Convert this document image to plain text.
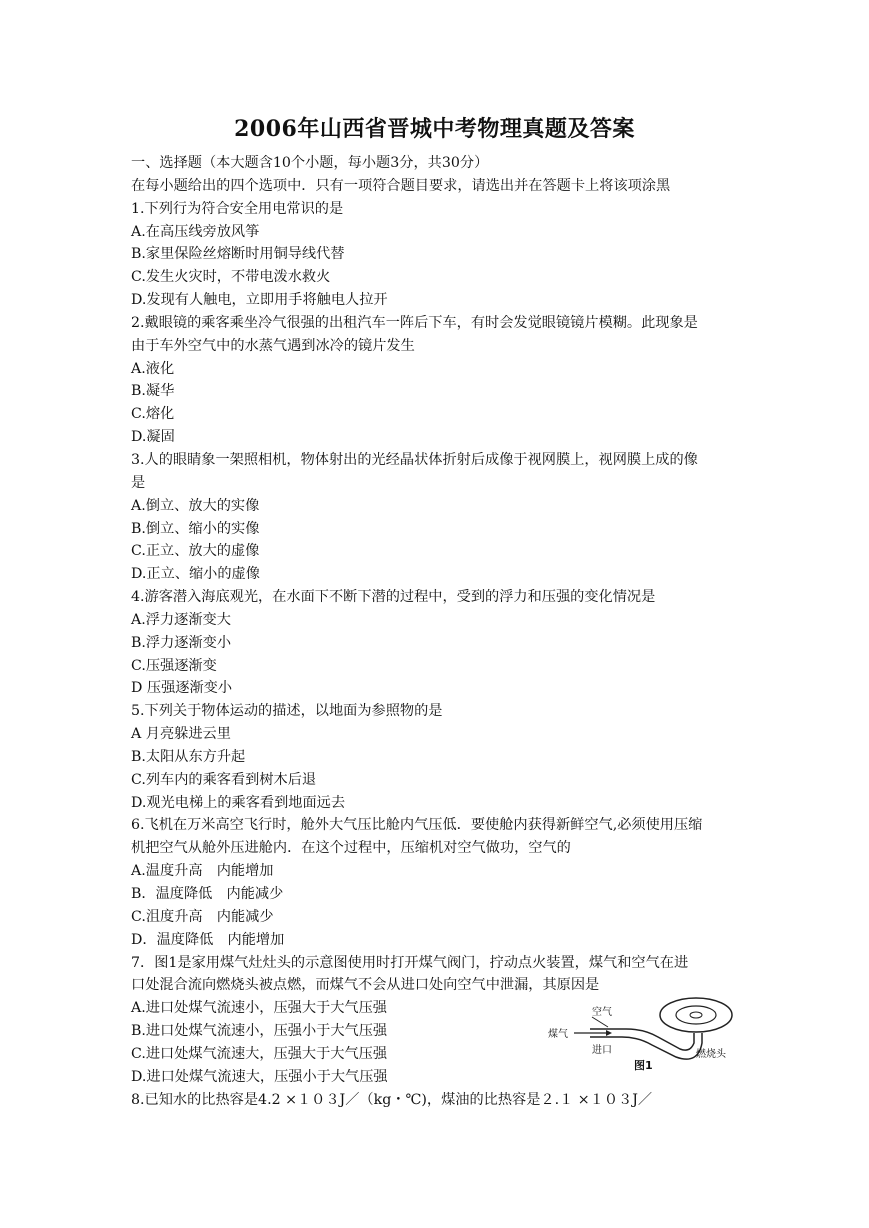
2006年山西省晋城中考物理真题及答案
一、选择题（本大题含10个小题，每小题3分，共30分）
在每小题给出的四个选项中．只有一项符合题目要求，请选出并在答题卡上将该项涂黑
1.下列行为符合安全用电常识的是
A.在高压线旁放风筝
B.家里保险丝熔断时用铜导线代替
C.发生火灾时，不带电泼水救火
D.发现有人触电，立即用手将触电人拉开
2.戴眼镜的乘客乘坐冷气很强的出租汽车一阵后下车，有时会发觉眼镜镜片模糊。此现象是
由于车外空气中的水蒸气遇到冰冷的镜片发生
A.液化
B.凝华
C.熔化
D.凝固
3.人的眼睛象一架照相机，物体射出的光经晶状体折射后成像于视网膜上，视网膜上成的像
是
A.倒立、放大的实像
B.倒立、缩小的实像
C.正立、放大的虚像
D.正立、缩小的虚像
4.游客潜入海底观光，在水面下不断下潜的过程中，受到的浮力和压强的变化情况是
A.浮力逐渐变大
B.浮力逐渐变小
C.压强逐渐变
D 压强逐渐变小
5.下列关于物体运动的描述，以地面为参照物的是
A 月亮躲进云里
B.太阳从东方升起
C.列车内的乘客看到树木后退
D.观光电梯上的乘客看到地面远去
6.飞机在万米高空飞行时，舱外大气压比舱内气压低．要使舱内获得新鲜空气,必须使用压缩
机把空气从舱外压进舱内．在这个过程中，压缩机对空气做功，空气的
A.温度升高　内能增加
B．温度降低　内能减少
C.沮度升高　内能减少
D．温度降低　内能增加
7．图1是家用煤气灶灶头的示意图使用时打开煤气阀门，拧动点火装置，煤气和空气在进
口处混合流向燃烧头被点燃，而煤气不会从进口处向空气中泄漏，其原因是
A.进口处煤气流速小，压强大于大气压强
B.进口处煤气流速小，压强小于大气压强
C.进口处煤气流速大，压强大于大气压强
D.进口处煤气流速大，压强小于大气压强
8.已知水的比热容是4.2 ×１０３J／（kg・℃)，煤油的比热容是２.１ ×１０３J／
空气
煤气
进口	燃烧头
图1
